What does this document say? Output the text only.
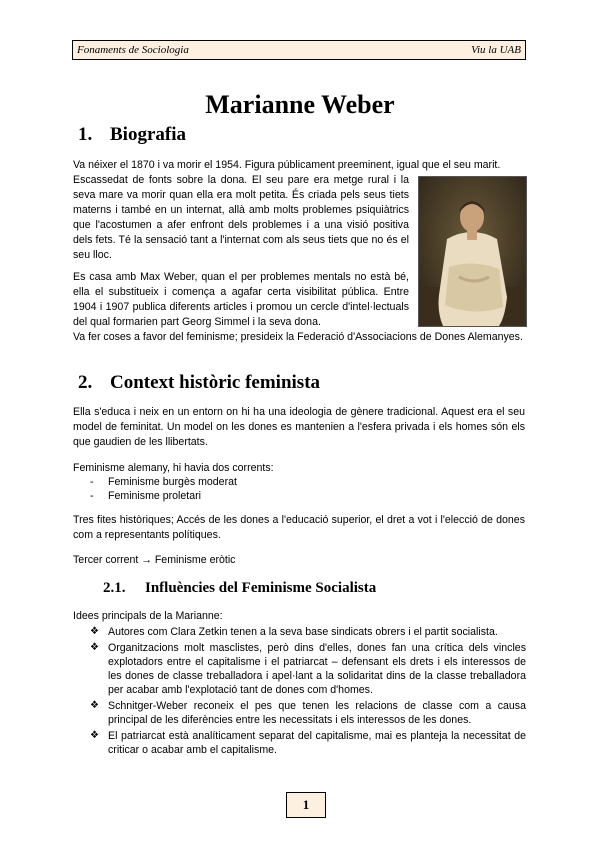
Fonaments de Sociologia	Viu la UAB
Marianne Weber
1. Biografia
Va néixer el 1870 i va morir el 1954. Figura públicament preeminent, igual que el seu marit.
Escassedat de fonts sobre la dona. El seu pare era metge rural i la seva mare va morir quan ella era molt petita. És criada pels seus tiets materns i també en un internat, allà amb molts problemes psiquiàtrics que l'acostumen a afer enfront dels problemes i a una visió positiva dels fets. Té la sensació tant a l'internat com als seus tiets que no és el seu lloc.
Es casa amb Max Weber, quan el per problemes mentals no està bé, ella el substitueix i comença a agafar certa visibilitat pública. Entre 1904 i 1907 publica diferents articles i promou un cercle d'intel·lectuals del qual formarien part Georg Simmel i la seva dona.
Va fer coses a favor del feminisme; presideix la Federació d'Associacions de Dones Alemanyes.
2. Context històric feminista
Ella s'educa i neix en un entorn on hi ha una ideologia de gènere tradicional. Aquest era el seu model de feminitat. Un model on les dones es mantenien a l'esfera privada i els homes són els que gaudien de les llibertats.
Feminisme alemany, hi havia dos corrents:
- Feminisme burgès moderat
- Feminisme proletari
Tres fites històriques; Accés de les dones a l'educació superior, el dret a vot i l'elecció de dones com a representants polítiques.
Tercer corrent → Feminisme eròtic
2.1. Influències del Feminisme Socialista
Idees principals de la Marianne:
❖ Autores com Clara Zetkin tenen a la seva base sindicats obrers i el partit socialista.
❖ Organitzacions molt masclistes, però dins d'elles, dones fan una crítica dels vincles explotadors entre el capitalisme i el patriarcat – defensant els drets i els interessos de les dones de classe treballadora i apel·lant a la solidaritat dins de la classe treballadora per acabar amb l'explotació tant de dones com d'homes.
❖ Schnitger-Weber reconeix el pes que tenen les relacions de classe com a causa principal de les diferències entre les necessitats i els interessos de les dones.
❖ El patriarcat està analíticament separat del capitalisme, mai es planteja la necessitat de criticar o acabar amb el capitalisme.
1
